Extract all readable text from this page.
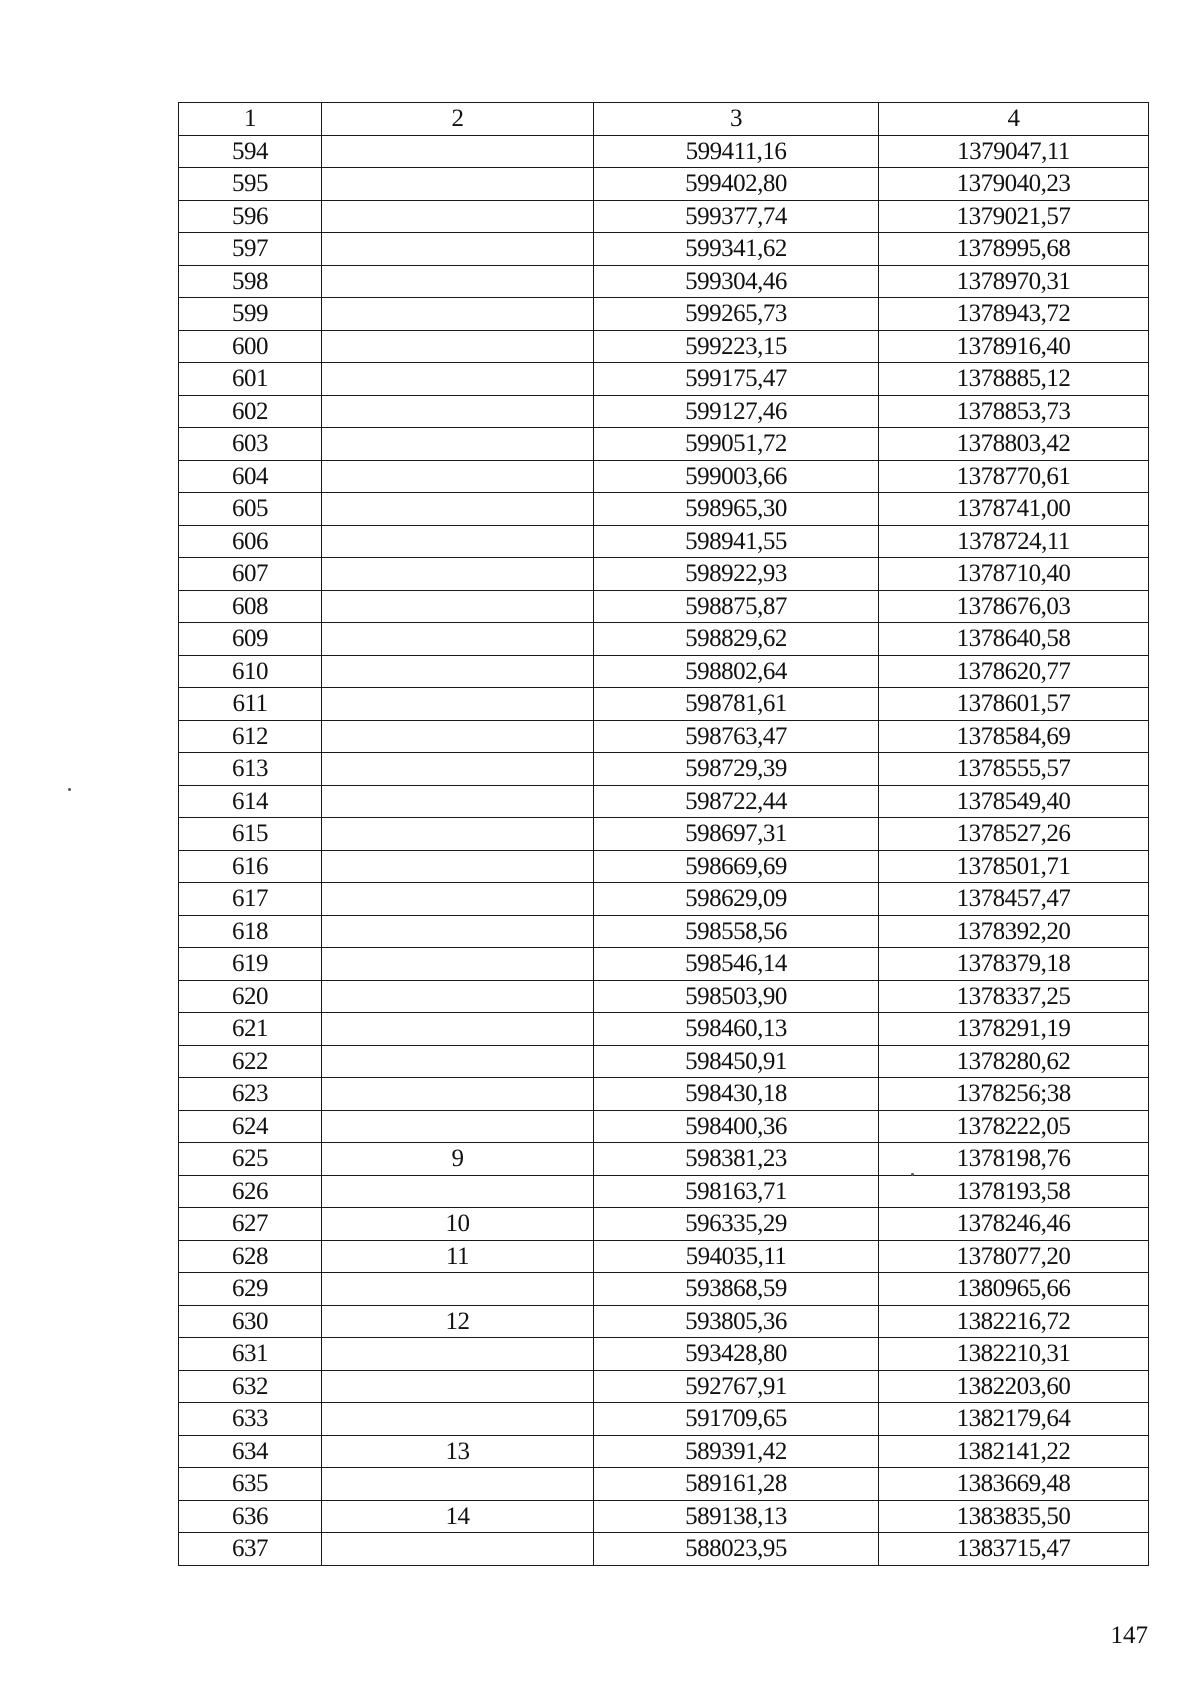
1	2	3	4
594		599411,16	1379047,11
595		599402,80	1379040,23
596		599377,74	1379021,57
597		599341,62	1378995,68
598		599304,46	1378970,31
599		599265,73	1378943,72
600		599223,15	1378916,40
601		599175,47	1378885,12
602		599127,46	1378853,73
603		599051,72	1378803,42
604		599003,66	1378770,61
605		598965,30	1378741,00
606		598941,55	1378724,11
607		598922,93	1378710,40
608		598875,87	1378676,03
609		598829,62	1378640,58
610		598802,64	1378620,77
611		598781,61	1378601,57
612		598763,47	1378584,69
613		598729,39	1378555,57
614		598722,44	1378549,40
615		598697,31	1378527,26
616		598669,69	1378501,71
617		598629,09	1378457,47
618		598558,56	1378392,20
619		598546,14	1378379,18
620		598503,90	1378337,25
621		598460,13	1378291,19
622		598450,91	1378280,62
623		598430,18	1378256;38
624		598400,36	1378222,05
625	9	598381,23	1378198,76
626		598163,71	1378193,58
627	10	596335,29	1378246,46
628	11	594035,11	1378077,20
629		593868,59	1380965,66
630	12	593805,36	1382216,72
631		593428,80	1382210,31
632		592767,91	1382203,60
633		591709,65	1382179,64
634	13	589391,42	1382141,22
635		589161,28	1383669,48
636	14	589138,13	1383835,50
637		588023,95	1383715,47
147
